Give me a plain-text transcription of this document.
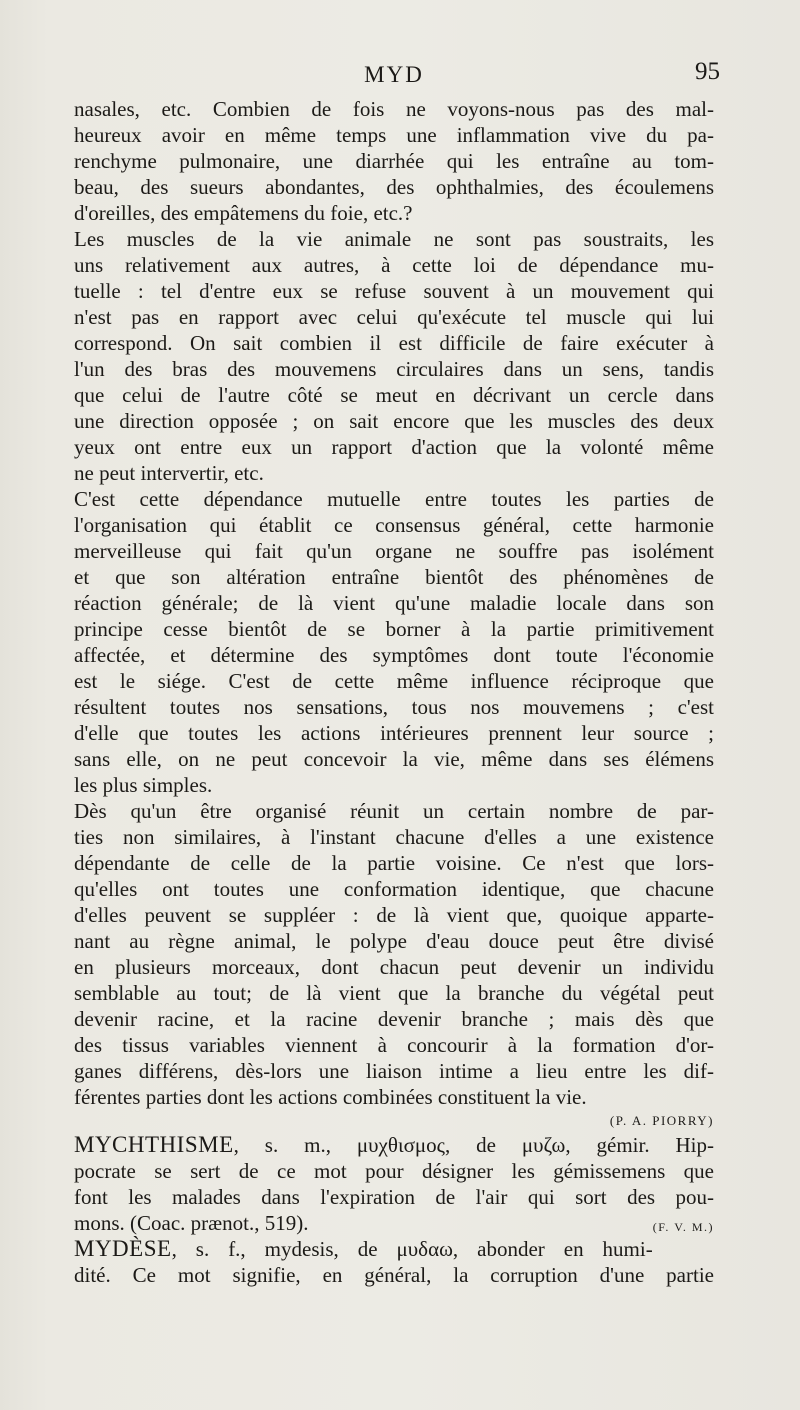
MYD	95
nasales, etc. Combien de fois ne voyons-nous pas des mal-
heureux avoir en même temps une inflammation vive du pa-
renchyme pulmonaire, une diarrhée qui les entraîne au tom-
beau, des sueurs abondantes, des ophthalmies, des écoulemens
d'oreilles, des empâtemens du foie, etc.?
Les muscles de la vie animale ne sont pas soustraits, les
uns relativement aux autres, à cette loi de dépendance mu-
tuelle : tel d'entre eux se refuse souvent à un mouvement qui
n'est pas en rapport avec celui qu'exécute tel muscle qui lui
correspond. On sait combien il est difficile de faire exécuter à
l'un des bras des mouvemens circulaires dans un sens, tandis
que celui de l'autre côté se meut en décrivant un cercle dans
une direction opposée ; on sait encore que les muscles des deux
yeux ont entre eux un rapport d'action que la volonté même
ne peut intervertir, etc.
C'est cette dépendance mutuelle entre toutes les parties de
l'organisation qui établit ce consensus général, cette harmonie
merveilleuse qui fait qu'un organe ne souffre pas isolément
et que son altération entraîne bientôt des phénomènes de
réaction générale; de là vient qu'une maladie locale dans son
principe cesse bientôt de se borner à la partie primitivement
affectée, et détermine des symptômes dont toute l'économie
est le siége. C'est de cette même influence réciproque que
résultent toutes nos sensations, tous nos mouvemens ; c'est
d'elle que toutes les actions intérieures prennent leur source ;
sans elle, on ne peut concevoir la vie, même dans ses élémens
les plus simples.
Dès qu'un être organisé réunit un certain nombre de par-
ties non similaires, à l'instant chacune d'elles a une existence
dépendante de celle de la partie voisine. Ce n'est que lors-
qu'elles ont toutes une conformation identique, que chacune
d'elles peuvent se suppléer : de là vient que, quoique apparte-
nant au règne animal, le polype d'eau douce peut être divisé
en plusieurs morceaux, dont chacun peut devenir un individu
semblable au tout; de là vient que la branche du végétal peut
devenir racine, et la racine devenir branche ; mais dès que
des tissus variables viennent à concourir à la formation d'or-
ganes différens, dès-lors une liaison intime a lieu entre les dif-
férentes parties dont les actions combinées constituent la vie.
(P. A. PIORRY)
MYCHTHISME, s. m., μυχθισμος, de μυζω, gémir. Hip-
pocrate se sert de ce mot pour désigner les gémissemens que
font les malades dans l'expiration de l'air qui sort des pou-
mons. (Coac. prænot., 519).	(F. V. M.)
MYDÈSE, s. f., mydesis, de μυδαω, abonder en humi-
dité. Ce mot signifie, en général, la corruption d'une partie
